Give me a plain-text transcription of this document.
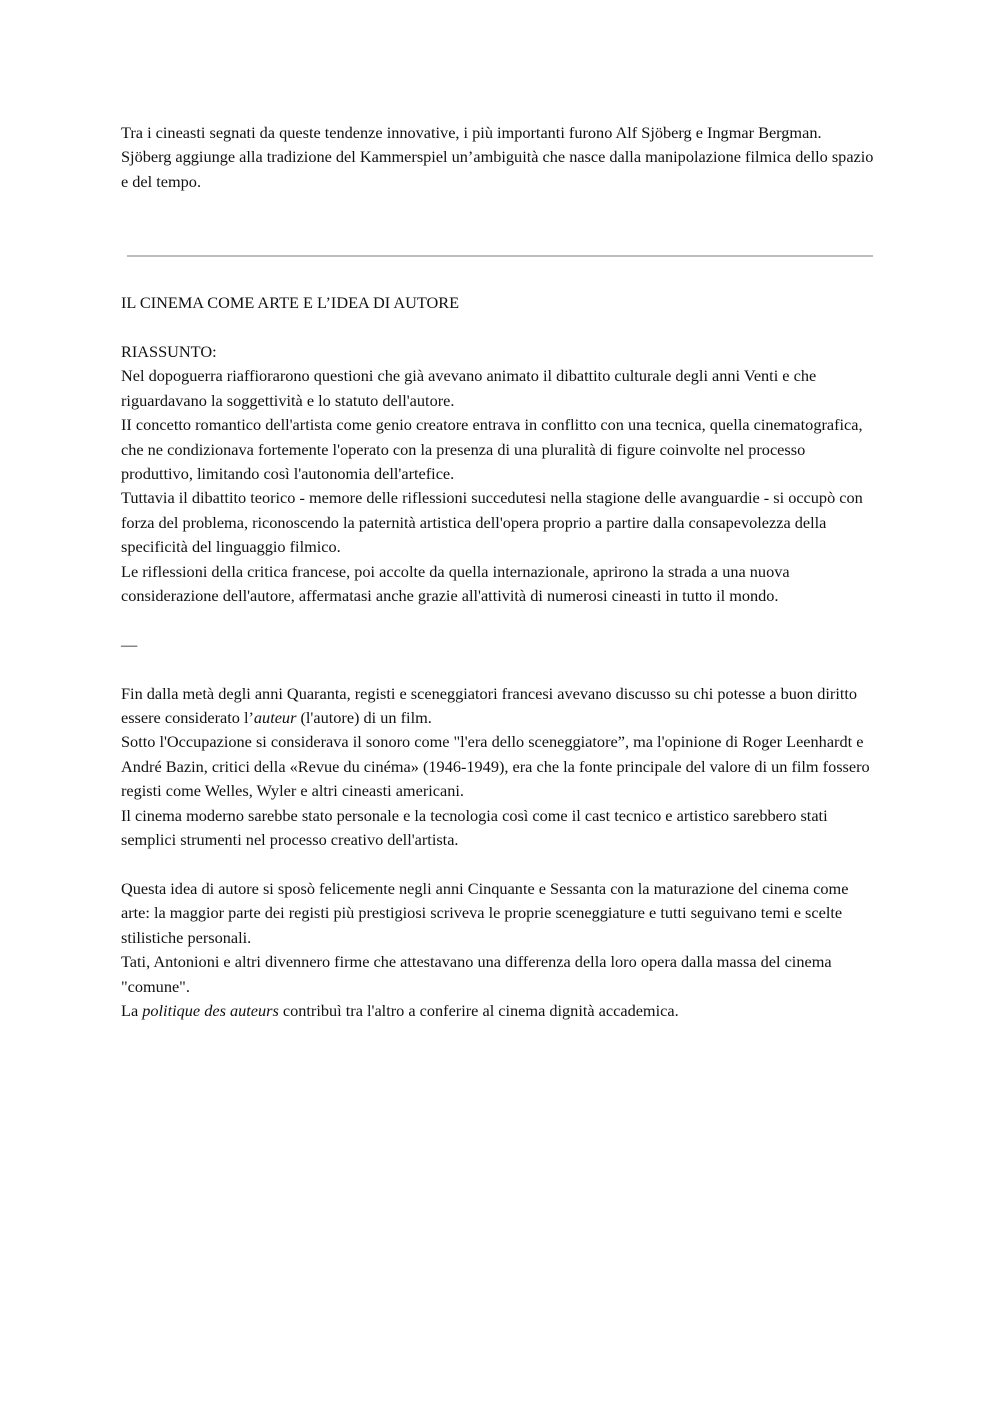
Tra i cineasti segnati da queste tendenze innovative, i più importanti furono Alf Sjöberg e Ingmar Bergman.

Sjöberg aggiunge alla tradizione del Kammerspiel un’ambiguità che nasce dalla manipolazione filmica dello spazio e del tempo.

IL CINEMA COME ARTE E L’IDEA DI AUTORE

RIASSUNTO:

Nel dopoguerra riaffiorarono questioni che già avevano animato il dibattito culturale degli anni Venti e che riguardavano la soggettività e lo statuto dell'autore.

II concetto romantico dell'artista come genio creatore entrava in conflitto con una tecnica, quella cinematografica, che ne condizionava fortemente l'operato con la presenza di una pluralità di figure coinvolte nel processo produttivo, limitando così l'autonomia dell'artefice.

Tuttavia il dibattito teorico - memore delle riflessioni succedutesi nella stagione delle avanguardie - si occupò con forza del problema, riconoscendo la paternità artistica dell'opera proprio a partire dalla consapevolezza della specificità del linguaggio filmico.

Le riflessioni della critica francese, poi accolte da quella internazionale, aprirono la strada a una nuova considerazione dell'autore, affermatasi anche grazie all'attività di numerosi cineasti in tutto il mondo.

—

Fin dalla metà degli anni Quaranta, registi e sceneggiatori francesi avevano discusso su chi potesse a buon diritto essere considerato l’auteur (l'autore) di un film.

Sotto l'Occupazione si considerava il sonoro come "l'era dello sceneggiatore”, ma l'opinione di Roger Leenhardt e André Bazin, critici della «Revue du cinéma» (1946-1949), era che la fonte principale del valore di un film fossero registi come Welles, Wyler e altri cineasti americani.

Il cinema moderno sarebbe stato personale e la tecnologia così come il cast tecnico e artistico sarebbero stati semplici strumenti nel processo creativo dell'artista.

Questa idea di autore si sposò felicemente negli anni Cinquante e Sessanta con la maturazione del cinema come arte: la maggior parte dei registi più prestigiosi scriveva le proprie sceneggiature e tutti seguivano temi e scelte stilistiche personali.

Tati, Antonioni e altri divennero firme che attestavano una differenza della loro opera dalla massa del cinema "comune".

La politique des auteurs contribuì tra l'altro a conferire al cinema dignità accademica.
